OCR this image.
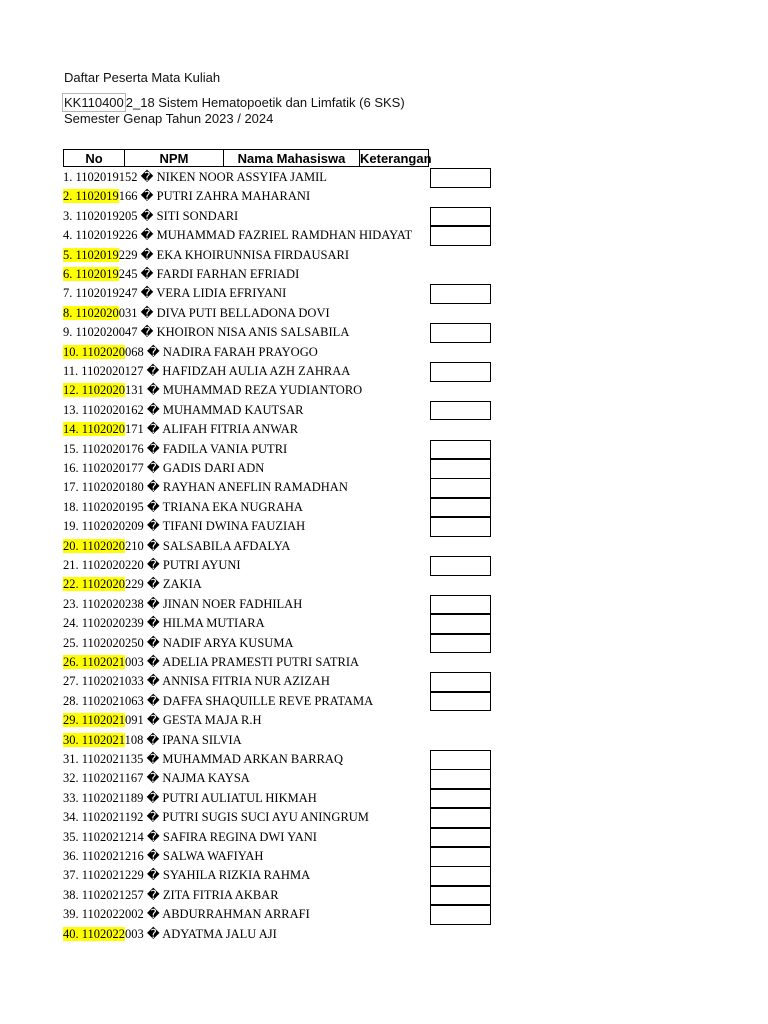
Daftar Peserta Mata Kuliah
KK110400 2_18 Sistem Hematopoetik dan Limfatik (6 SKS)
Semester Genap Tahun 2023 / 2024
No	NPM	Nama Mahasiswa	Keterangan
1. 1102019152 � NIKEN NOOR ASSYIFA JAMIL
2. 1102019166 � PUTRI ZAHRA MAHARANI
3. 1102019205 � SITI SONDARI
4. 1102019226 � MUHAMMAD FAZRIEL RAMDHAN HIDAYAT
5. 1102019229 � EKA KHOIRUNNISA FIRDAUSARI
6. 1102019245 � FARDI FARHAN EFRIADI
7. 1102019247 � VERA LIDIA EFRIYANI
8. 1102020031 � DIVA PUTI BELLADONA DOVI
9. 1102020047 � KHOIRON NISA ANIS SALSABILA
10. 1102020068 � NADIRA FARAH PRAYOGO
11. 1102020127 � HAFIDZAH AULIA AZH ZAHRAA
12. 1102020131 � MUHAMMAD REZA YUDIANTORO
13. 1102020162 � MUHAMMAD KAUTSAR
14. 1102020171 � ALIFAH FITRIA ANWAR
15. 1102020176 � FADILA VANIA PUTRI
16. 1102020177 � GADIS DARI ADN
17. 1102020180 � RAYHAN ANEFLIN RAMADHAN
18. 1102020195 � TRIANA EKA NUGRAHA
19. 1102020209 � TIFANI DWINA FAUZIAH
20. 1102020210 � SALSABILA AFDALYA
21. 1102020220 � PUTRI AYUNI
22. 1102020229 � ZAKIA
23. 1102020238 � JINAN NOER FADHILAH
24. 1102020239 � HILMA MUTIARA
25. 1102020250 � NADIF ARYA KUSUMA
26. 1102021003 � ADELIA PRAMESTI PUTRI SATRIA
27. 1102021033 � ANNISA FITRIA NUR AZIZAH
28. 1102021063 � DAFFA SHAQUILLE REVE PRATAMA
29. 1102021091 � GESTA MAJA R.H
30. 1102021108 � IPANA SILVIA
31. 1102021135 � MUHAMMAD ARKAN BARRAQ
32. 1102021167 � NAJMA KAYSA
33. 1102021189 � PUTRI AULIATUL HIKMAH
34. 1102021192 � PUTRI SUGIS SUCI AYU ANINGRUM
35. 1102021214 � SAFIRA REGINA DWI YANI
36. 1102021216 � SALWA WAFIYAH
37. 1102021229 � SYAHILA RIZKIA RAHMA
38. 1102021257 � ZITA FITRIA AKBAR
39. 1102022002 � ABDURRAHMAN ARRAFI
40. 1102022003 � ADYATMA JALU AJI
